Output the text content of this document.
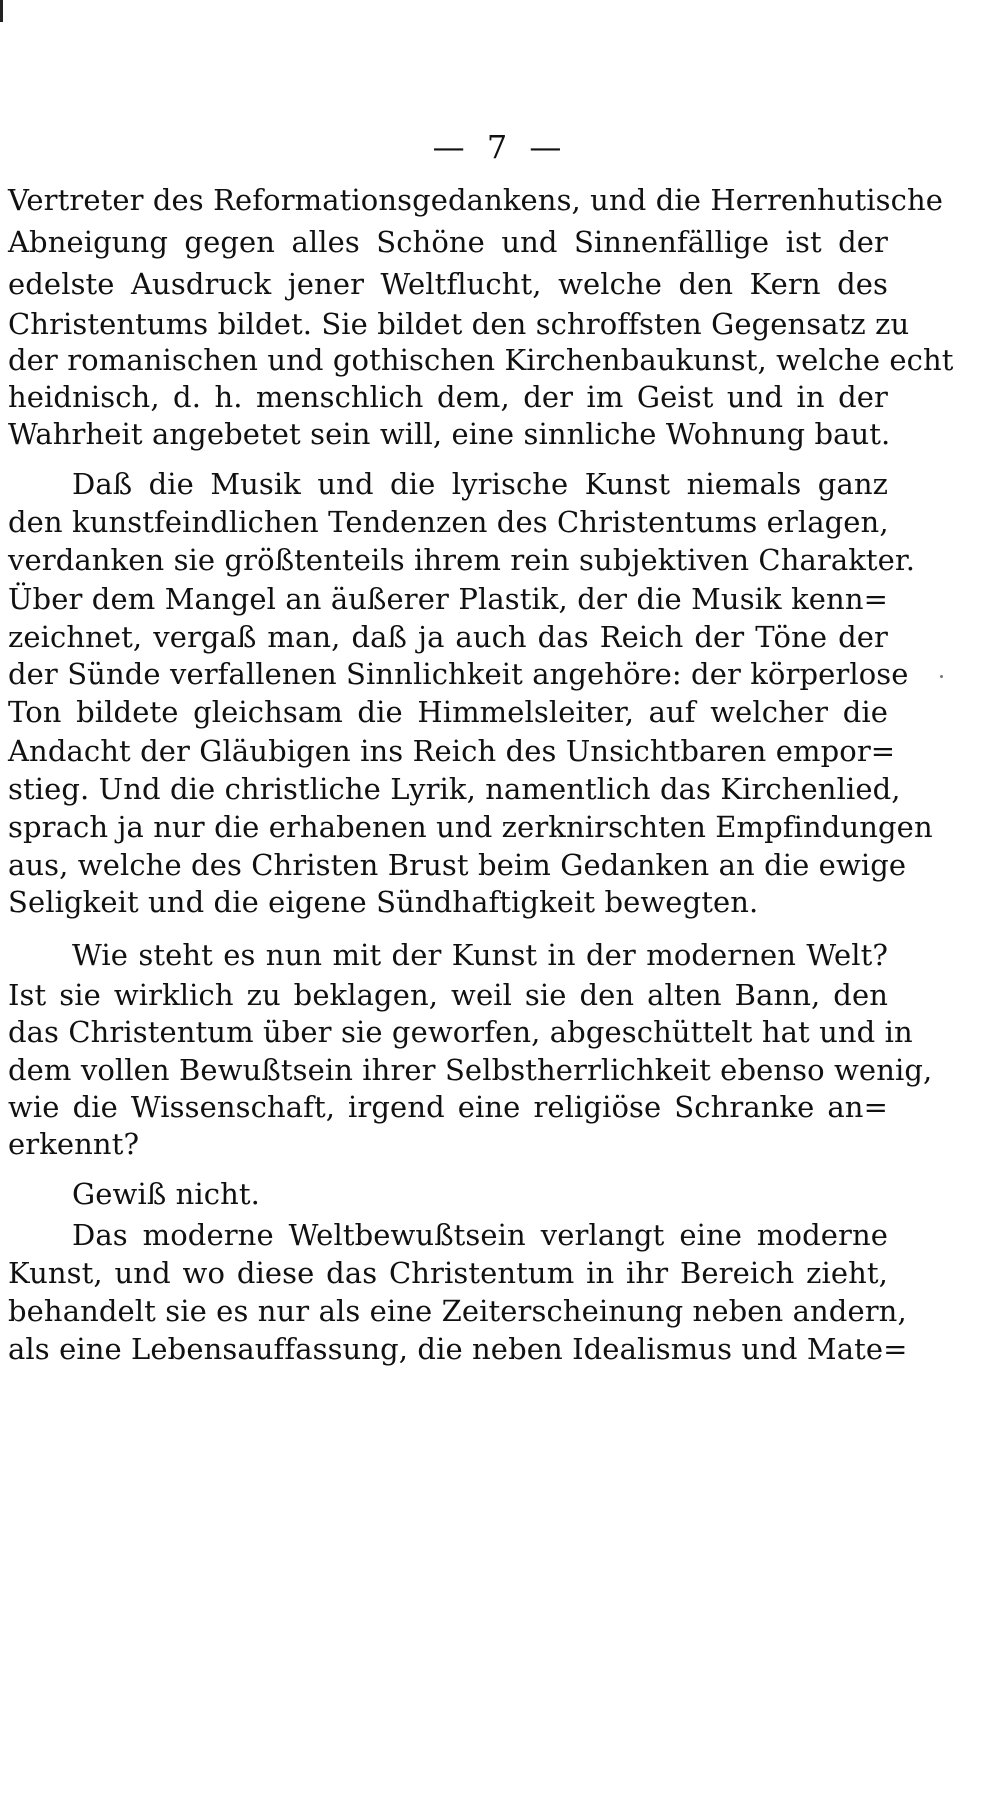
— 7 —
Vertreter des Reformationsgedankens, und die Herrenhutische
Abneigung gegen alles Schöne und Sinnenfällige ist der
edelste Ausdruck jener Weltflucht, welche den Kern des
Christentums bildet. Sie bildet den schroffsten Gegensatz zu
der romanischen und gothischen Kirchenbaukunst, welche echt
heidnisch, d. h. menschlich dem, der im Geist und in der
Wahrheit angebetet sein will, eine sinnliche Wohnung baut.
Daß die Musik und die lyrische Kunst niemals ganz
den kunstfeindlichen Tendenzen des Christentums erlagen,
verdanken sie größtenteils ihrem rein subjektiven Charakter.
Über dem Mangel an äußerer Plastik, der die Musik kenn=
zeichnet, vergaß man, daß ja auch das Reich der Töne der
der Sünde verfallenen Sinnlichkeit angehöre: der körperlose
Ton bildete gleichsam die Himmelsleiter, auf welcher die
Andacht der Gläubigen ins Reich des Unsichtbaren empor=
stieg. Und die christliche Lyrik, namentlich das Kirchenlied,
sprach ja nur die erhabenen und zerknirschten Empfindungen
aus, welche des Christen Brust beim Gedanken an die ewige
Seligkeit und die eigene Sündhaftigkeit bewegten.
Wie steht es nun mit der Kunst in der modernen Welt?
Ist sie wirklich zu beklagen, weil sie den alten Bann, den
das Christentum über sie geworfen, abgeschüttelt hat und in
dem vollen Bewußtsein ihrer Selbstherrlichkeit ebenso wenig,
wie die Wissenschaft, irgend eine religiöse Schranke an=
erkennt?
Gewiß nicht.
Das moderne Weltbewußtsein verlangt eine moderne
Kunst, und wo diese das Christentum in ihr Bereich zieht,
behandelt sie es nur als eine Zeiterscheinung neben andern,
als eine Lebensauffassung, die neben Idealismus und Mate=
